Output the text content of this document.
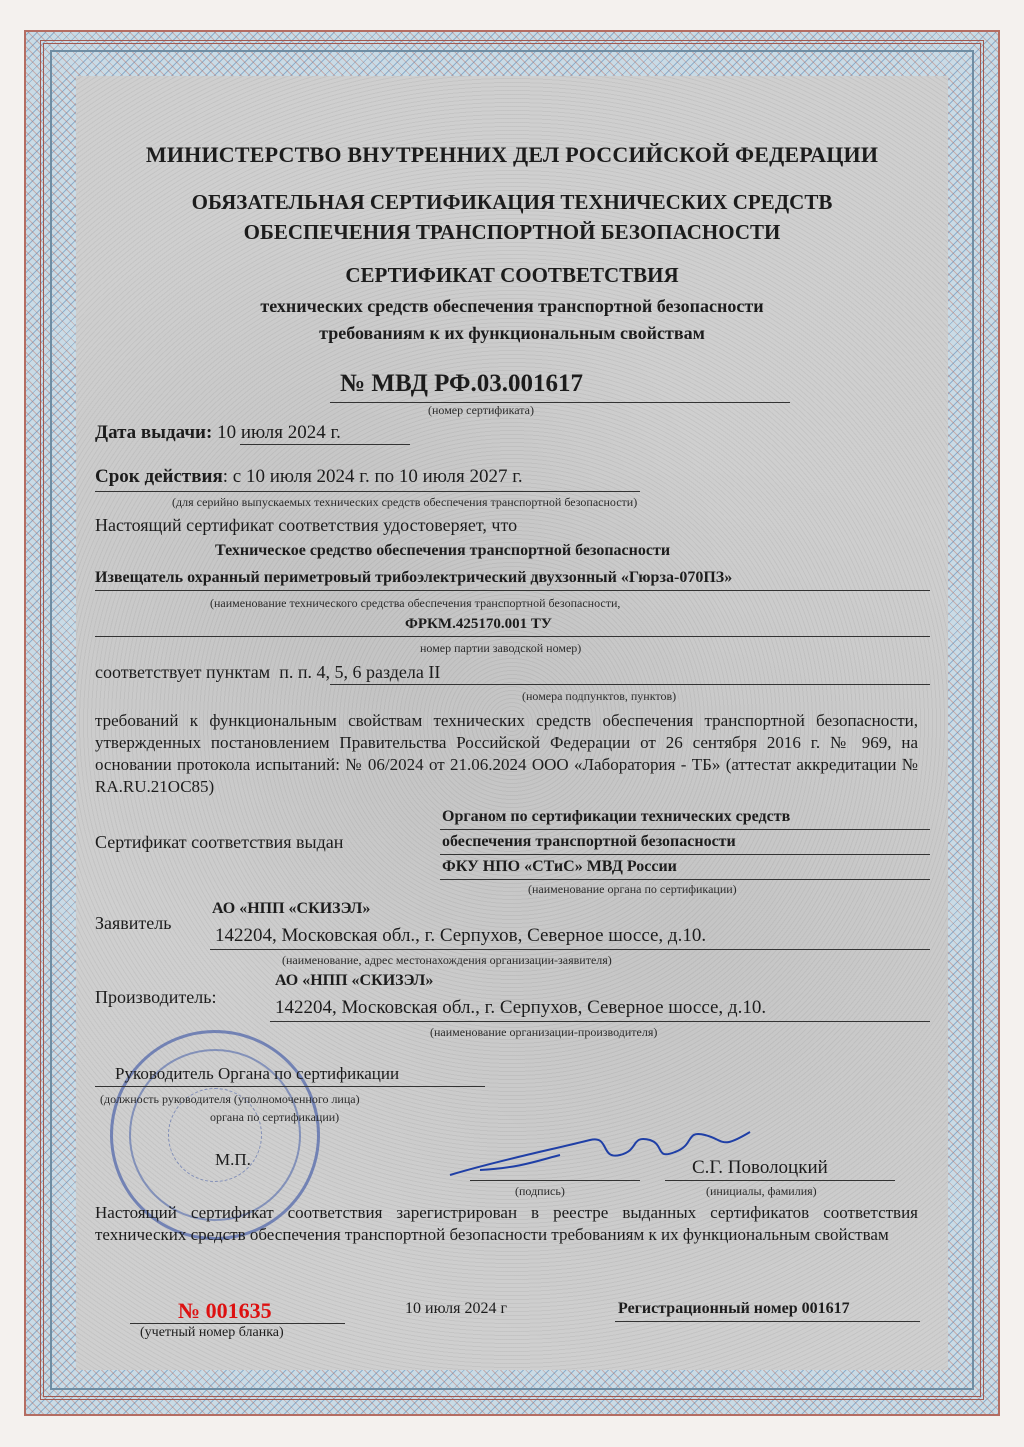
МИНИСТЕРСТВО ВНУТРЕННИХ ДЕЛ РОССИЙСКОЙ ФЕДЕРАЦИИ
ОБЯЗАТЕЛЬНАЯ СЕРТИФИКАЦИЯ ТЕХНИЧЕСКИХ СРЕДСТВ
ОБЕСПЕЧЕНИЯ ТРАНСПОРТНОЙ БЕЗОПАСНОСТИ
СЕРТИФИКАТ СООТВЕТСТВИЯ
технических средств обеспечения транспортной безопасности
требованиям к их функциональным свойствам
№ МВД РФ.03.001617
(номер сертификата)
Дата выдачи: 10 июля 2024 г.
Срок действия: с 10 июля 2024 г. по 10 июля 2027 г.
(для серийно выпускаемых технических средств обеспечения транспортной безопасности)
Настоящий сертификат соответствия удостоверяет, что
Техническое средство обеспечения транспортной безопасности
Извещатель охранный периметровый трибоэлектрический двухзонный «Гюрза-070ПЗ»
(наименование технического средства обеспечения транспортной безопасности,
ФРКМ.425170.001 ТУ
номер партии заводской номер)
соответствует пунктам п. п. 4, 5, 6 раздела II
(номера подпунктов, пунктов)
требований к функциональным свойствам технических средств обеспечения транспортной безопасности, утвержденных постановлением Правительства Российской Федерации от 26 сентября 2016 г. № 969, на основании протокола испытаний: № 06/2024 от 21.06.2024 ООО «Лаборатория - ТБ» (аттестат аккредитации № RA.RU.21ОС85)
Сертификат соответствия выдан
Органом по сертификации технических средств
обеспечения транспортной безопасности
ФКУ НПО «СТиС» МВД России
(наименование органа по сертификации)
Заявитель
АО «НПП «СКИЗЭЛ»
142204, Московская обл., г. Серпухов, Северное шоссе, д.10.
(наименование, адрес местонахождения организации-заявителя)
Производитель:
АО «НПП «СКИЗЭЛ»
142204, Московская обл., г. Серпухов, Северное шоссе, д.10.
(наименование организации-производителя)
Руководитель Органа по сертификации
(должность руководителя (уполномоченного лица)
органа по сертификации)
М.П.
(подпись)
С.Г. Поволоцкий
(инициалы, фамилия)
Настоящий сертификат соответствия зарегистрирован в реестре выданных сертификатов соответствия технических средств обеспечения транспортной безопасности требованиям к их функциональным свойствам
№ 001635
(учетный номер бланка)
10 июля 2024 г	Регистрационный номер 001617
